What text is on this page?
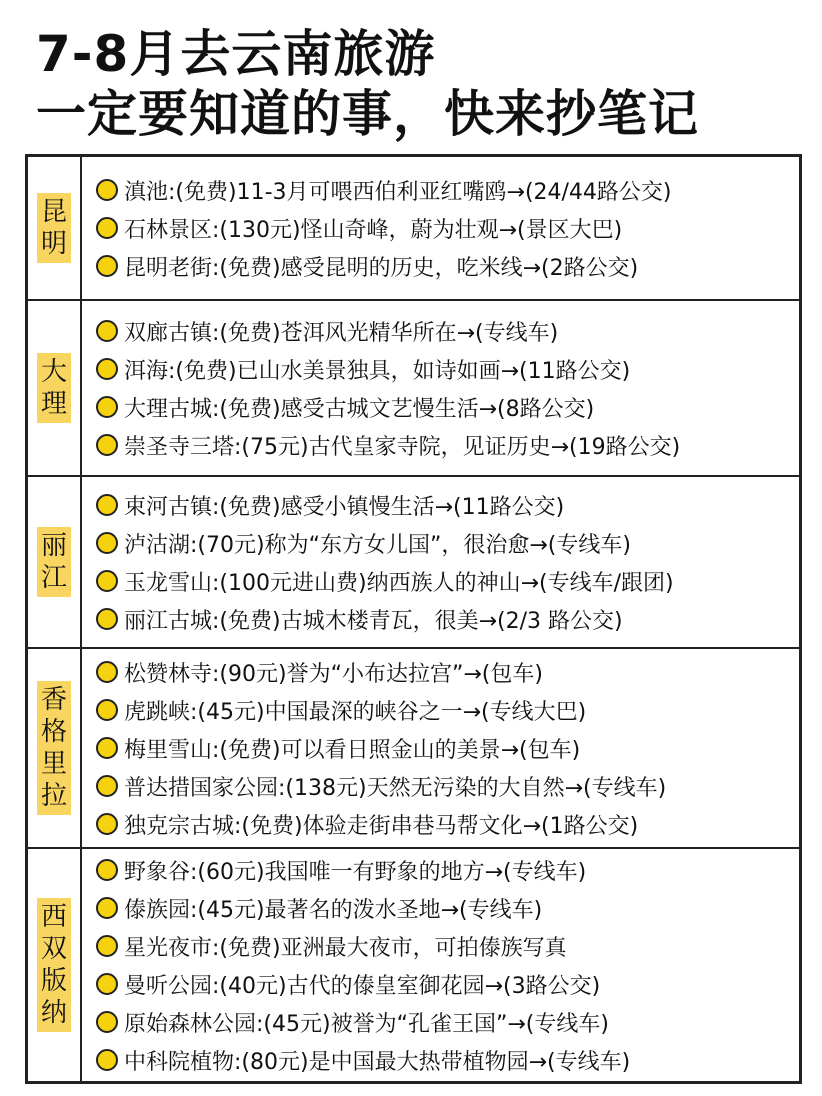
7-8月去云南旅游
一定要知道的事，快来抄笔记
昆明
滇池:(免费)11-3月可喂西伯利亚红嘴鸥→(24/44路公交)
石林景区:(130元)怪山奇峰，蔚为壮观→(景区大巴)
昆明老街:(免费)感受昆明的历史，吃米线→(2路公交)
大理
双廊古镇:(免费)苍洱风光精华所在→(专线车)
洱海:(免费)已山水美景独具，如诗如画→(11路公交)
大理古城:(免费)感受古城文艺慢生活→(8路公交)
崇圣寺三塔:(75元)古代皇家寺院，见证历史→(19路公交)
丽江
束河古镇:(免费)感受小镇慢生活→(11路公交)
泸沽湖:(70元)称为“东方女儿国”，很治愈→(专线车)
玉龙雪山:(100元进山费)纳西族人的神山→(专线车/跟团)
丽江古城:(免费)古城木楼青瓦，很美→(2/3 路公交)
香格里拉
松赞林寺:(90元)誉为“小布达拉宫”→(包车)
虎跳峡:(45元)中国最深的峡谷之一→(专线大巴)
梅里雪山:(免费)可以看日照金山的美景→(包车)
普达措国家公园:(138元)天然无污染的大自然→(专线车)
独克宗古城:(免费)体验走街串巷马帮文化→(1路公交)
西双版纳
野象谷:(60元)我国唯一有野象的地方→(专线车)
傣族园:(45元)最著名的泼水圣地→(专线车)
星光夜市:(免费)亚洲最大夜市，可拍傣族写真
曼听公园:(40元)古代的傣皇室御花园→(3路公交)
原始森林公园:(45元)被誉为“孔雀王国”→(专线车)
中科院植物:(80元)是中国最大热带植物园→(专线车)
